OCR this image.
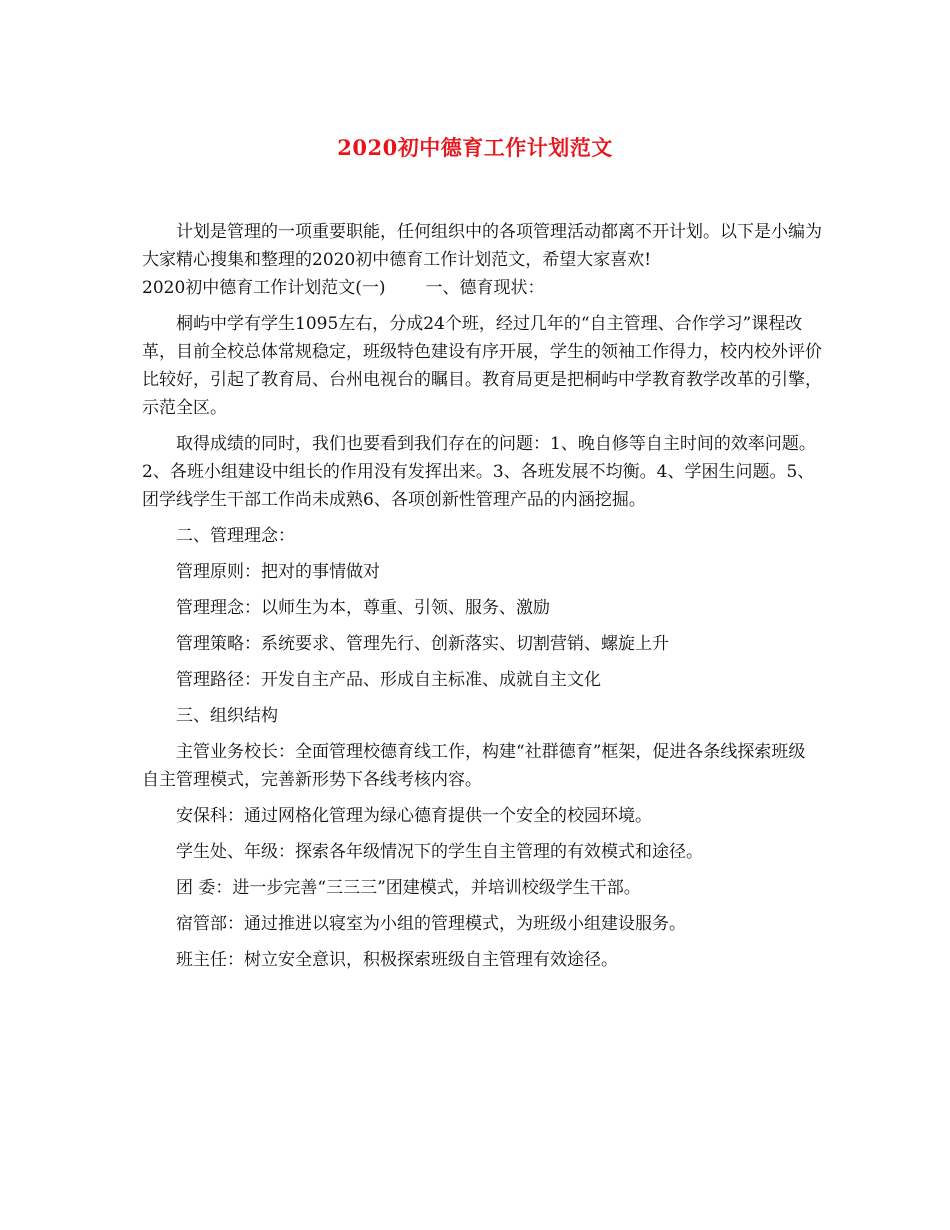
2020初中德育工作计划范文

计划是管理的一项重要职能，任何组织中的各项管理活动都离不开计划。以下是小编为大家精心搜集和整理的2020初中德育工作计划范文，希望大家喜欢!

2020初中德育工作计划范文(一) 一、德育现状：

桐屿中学有学生1095左右，分成24个班，经过几年的“自主管理、合作学习”课程改革，目前全校总体常规稳定，班级特色建设有序开展，学生的领袖工作得力，校内校外评价比较好，引起了教育局、台州电视台的瞩目。教育局更是把桐屿中学教育教学改革的引擎，示范全区。

取得成绩的同时，我们也要看到我们存在的问题：1、晚自修等自主时间的效率问题。2、各班小组建设中组长的作用没有发挥出来。3、各班发展不均衡。4、学困生问题。5、团学线学生干部工作尚未成熟6、各项创新性管理产品的内涵挖掘。

二、管理理念：

管理原则：把对的事情做对

管理理念：以师生为本，尊重、引领、服务、激励

管理策略：系统要求、管理先行、创新落实、切割营销、螺旋上升

管理路径：开发自主产品、形成自主标准、成就自主文化

三、组织结构

主管业务校长：全面管理校德育线工作，构建“社群德育”框架，促进各条线探索班级自主管理模式，完善新形势下各线考核内容。

安保科：通过网格化管理为绿心德育提供一个安全的校园环境。

学生处、年级：探索各年级情况下的学生自主管理的有效模式和途径。

团 委：进一步完善“三三三”团建模式，并培训校级学生干部。

宿管部：通过推进以寝室为小组的管理模式，为班级小组建设服务。

班主任：树立安全意识，积极探索班级自主管理有效途径。
